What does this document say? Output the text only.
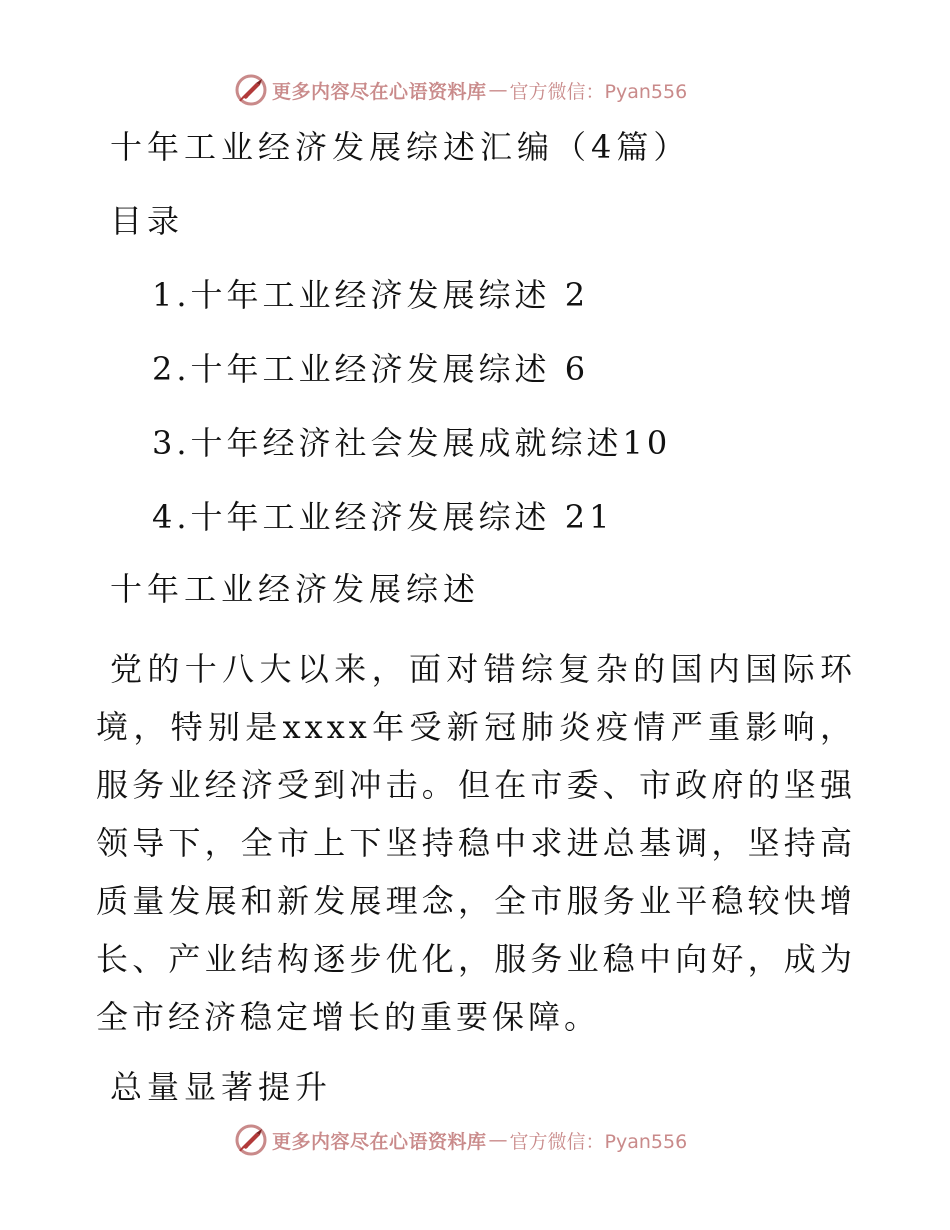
更多内容尽在心语资料库 — 官方微信：Pyan556
十年工业经济发展综述汇编（4篇）
目录
1.十年工业经济发展综述 2
2.十年工业经济发展综述 6
3.十年经济社会发展成就综述10
4.十年工业经济发展综述 21
十年工业经济发展综述
党的十八大以来，面对错综复杂的国内国际环境，特别是xxxx年受新冠肺炎疫情严重影响，服务业经济受到冲击。但在市委、市政府的坚强领导下，全市上下坚持稳中求进总基调，坚持高质量发展和新发展理念，全市服务业平稳较快增长、产业结构逐步优化，服务业稳中向好，成为全市经济稳定增长的重要保障。
总量显著提升
更多内容尽在心语资料库 — 官方微信：Pyan556
